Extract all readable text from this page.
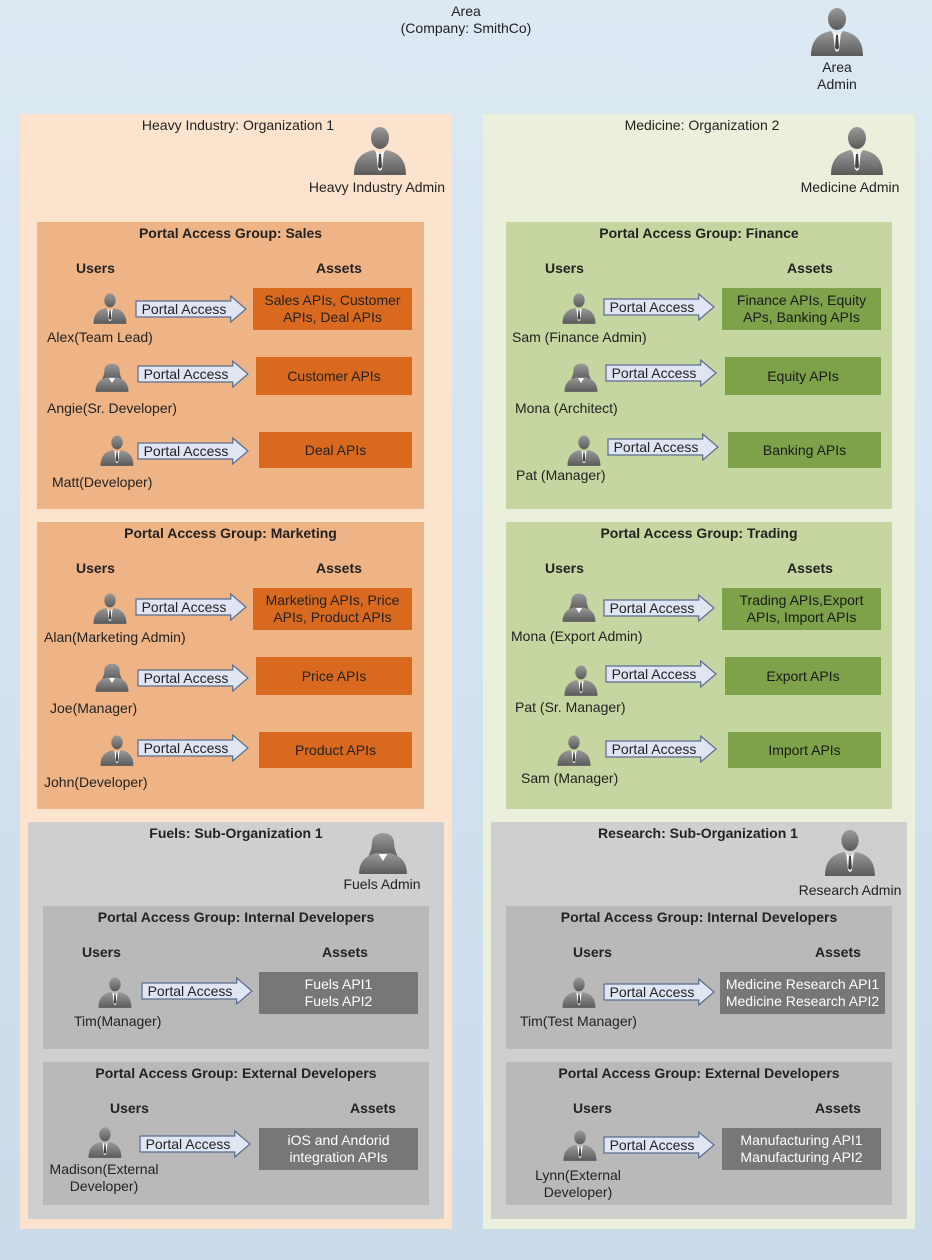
Area
(Company: SmithCo)
Area
Admin
Heavy Industry: Organization 1
Heavy Industry Admin
Portal Access Group: Sales
Users	Assets
Portal Access
Sales APIs, Customer
APIs, Deal APIs
Alex(Team Lead)
Portal Access	Customer APIs
Angie(Sr. Developer)
Portal Access	Deal APIs
Matt(Developer)
Portal Access Group: Marketing
Users	Assets
Portal Access	Marketing APIs, Price
APIs, Product APIs
Alan(Marketing Admin)
Portal Access	Price APIs
Joe(Manager)
Portal Access	Product APIs
John(Developer)
Fuels: Sub-Organization 1
Fuels Admin
Portal Access Group: Internal Developers
Users	Assets
Portal Access	Fuels API1
Fuels API2
Tim(Manager)
Portal Access Group: External Developers
Users	Assets
Portal Access	iOS and Andorid
integration APIs
Madison(External
Developer)
Medicine: Organization 2
Medicine Admin
Portal Access Group: Finance
Users	Assets
Portal Access	Finance APIs, Equity
APs, Banking APIs
Sam (Finance Admin)
Portal Access	Equity APIs
Mona (Architect)
Portal Access	Banking APIs
Pat (Manager)
Portal Access Group: Trading
Users	Assets
Portal Access	Trading APIs,Export
APIs, Import APIs
Mona (Export Admin)
Portal Access	Export APIs
Pat (Sr. Manager)
Portal Access	Import APIs
Sam (Manager)
Research: Sub-Organization 1
Research Admin
Portal Access Group: Internal Developers
Users	Assets
Portal Access	Medicine Research API1
Medicine Research API2
Tim(Test Manager)
Portal Access Group: External Developers
Users	Assets
Portal Access	Manufacturing API1
Manufacturing API2
Lynn(External
Developer)
